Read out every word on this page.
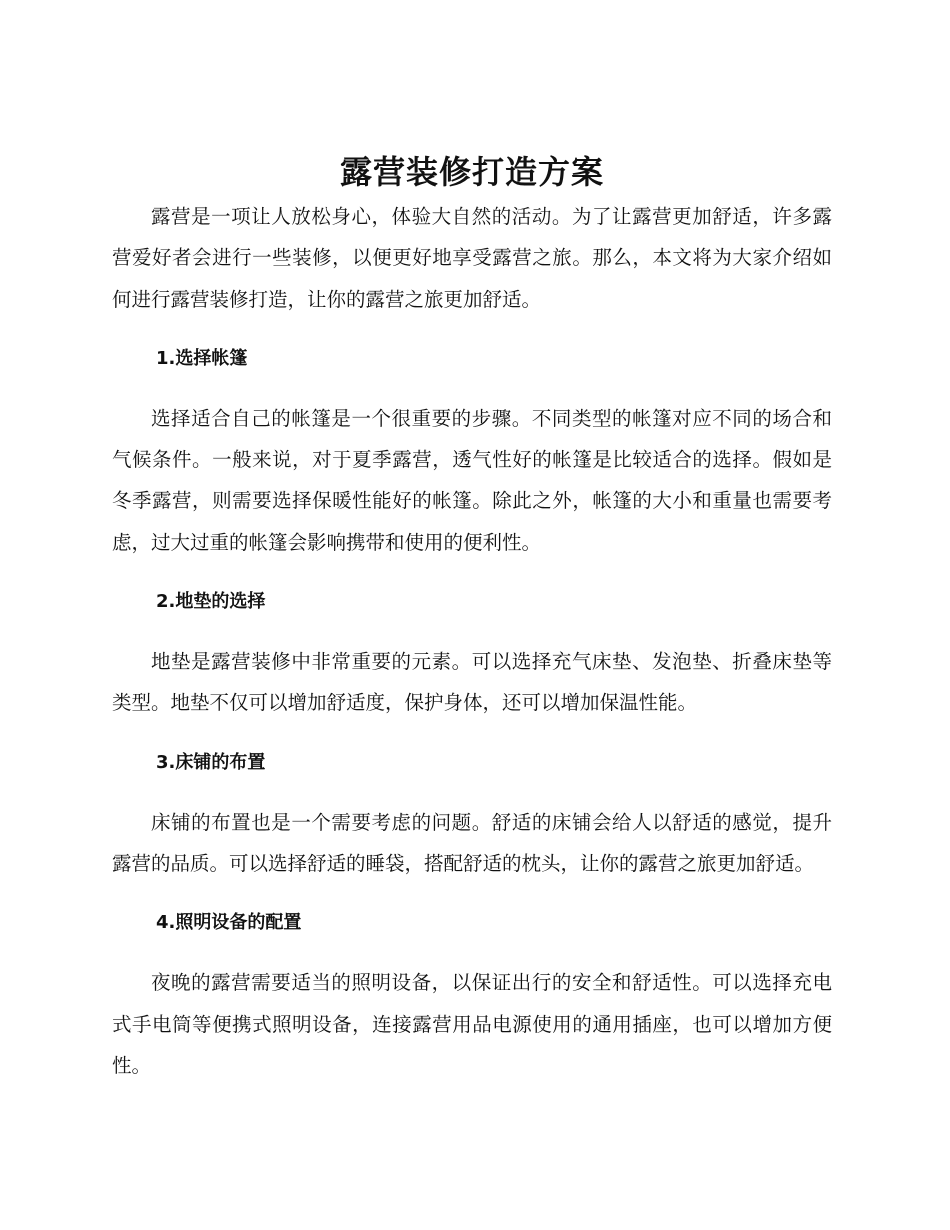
露营装修打造方案

露营是一项让人放松身心，体验大自然的活动。为了让露营更加舒适，许多露营爱好者会进行一些装修，以便更好地享受露营之旅。那么，本文将为大家介绍如何进行露营装修打造，让你的露营之旅更加舒适。

1.选择帐篷

选择适合自己的帐篷是一个很重要的步骤。不同类型的帐篷对应不同的场合和气候条件。一般来说，对于夏季露营，透气性好的帐篷是比较适合的选择。假如是冬季露营，则需要选择保暖性能好的帐篷。除此之外，帐篷的大小和重量也需要考虑，过大过重的帐篷会影响携带和使用的便利性。

2.地垫的选择

地垫是露营装修中非常重要的元素。可以选择充气床垫、发泡垫、折叠床垫等类型。地垫不仅可以增加舒适度，保护身体，还可以增加保温性能。

3.床铺的布置

床铺的布置也是一个需要考虑的问题。舒适的床铺会给人以舒适的感觉，提升露营的品质。可以选择舒适的睡袋，搭配舒适的枕头，让你的露营之旅更加舒适。

4.照明设备的配置

夜晚的露营需要适当的照明设备，以保证出行的安全和舒适性。可以选择充电式手电筒等便携式照明设备，连接露营用品电源使用的通用插座，也可以增加方便性。
